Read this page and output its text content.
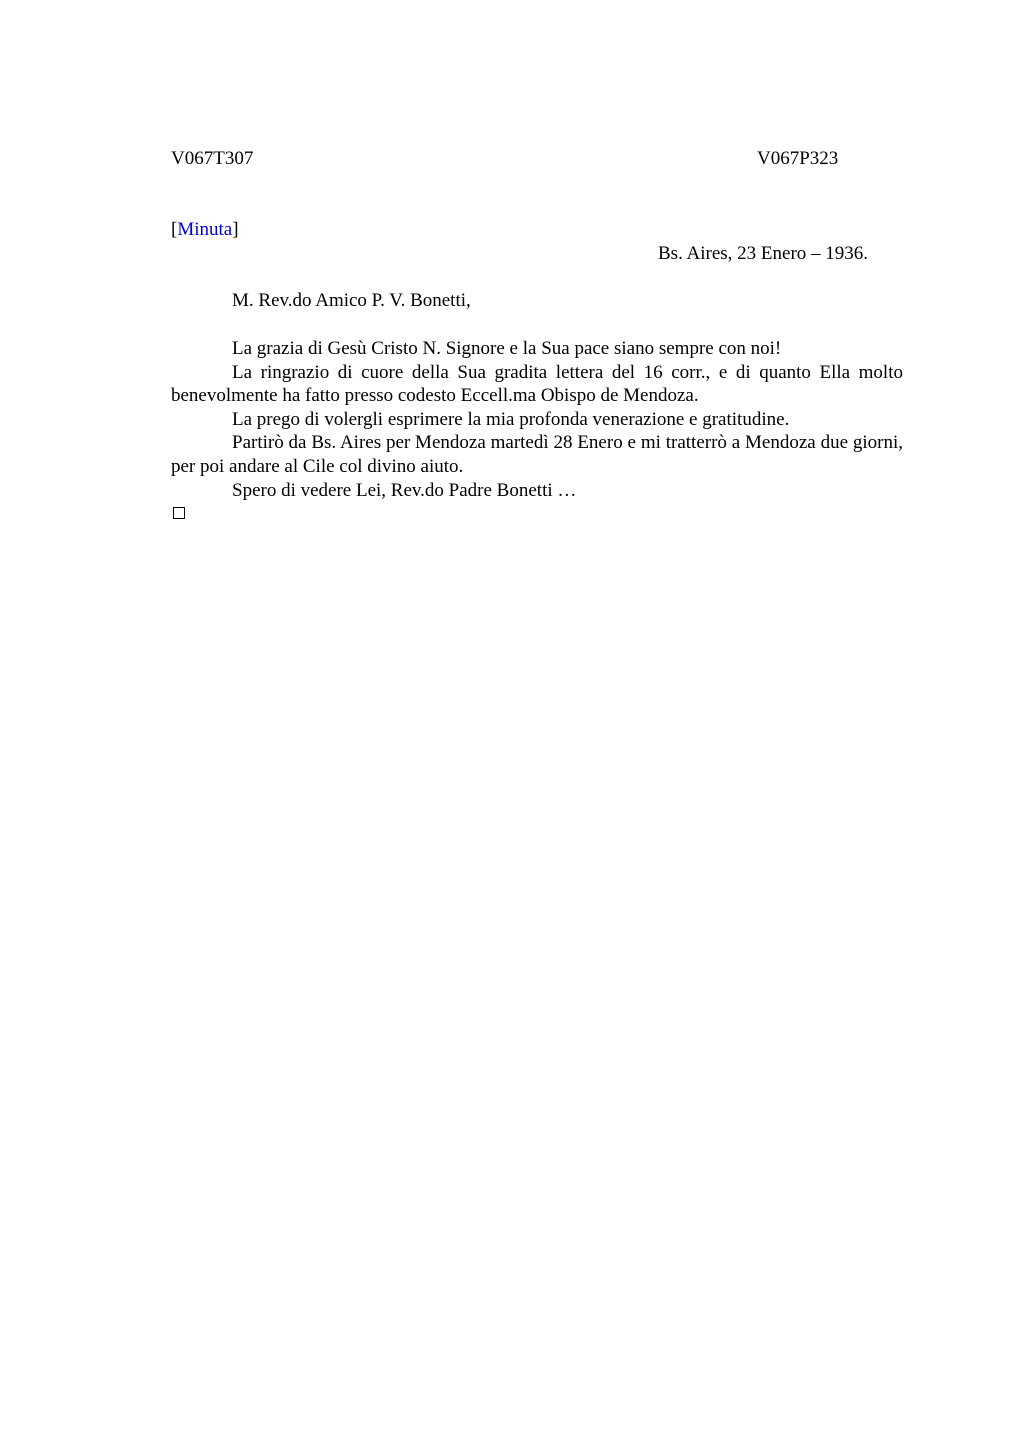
V067T307	V067P323
[Minuta]
Bs. Aires, 23 Enero – 1936.
M. Rev.do Amico P. V. Bonetti,

La grazia di Gesù Cristo N. Signore e la Sua pace siano sempre con noi!

La ringrazio di cuore della Sua gradita lettera del 16 corr., e di quanto Ella molto benevolmente ha fatto presso codesto Eccell.ma Obispo de Mendoza.

La prego di volergli esprimere la mia profonda venerazione e gratitudine.

Partirò da Bs. Aires per Mendoza martedì 28 Enero e mi tratterrò a Mendoza due giorni, per poi andare al Cile col divino aiuto.

Spero di vedere Lei, Rev.do Padre Bonetti …
